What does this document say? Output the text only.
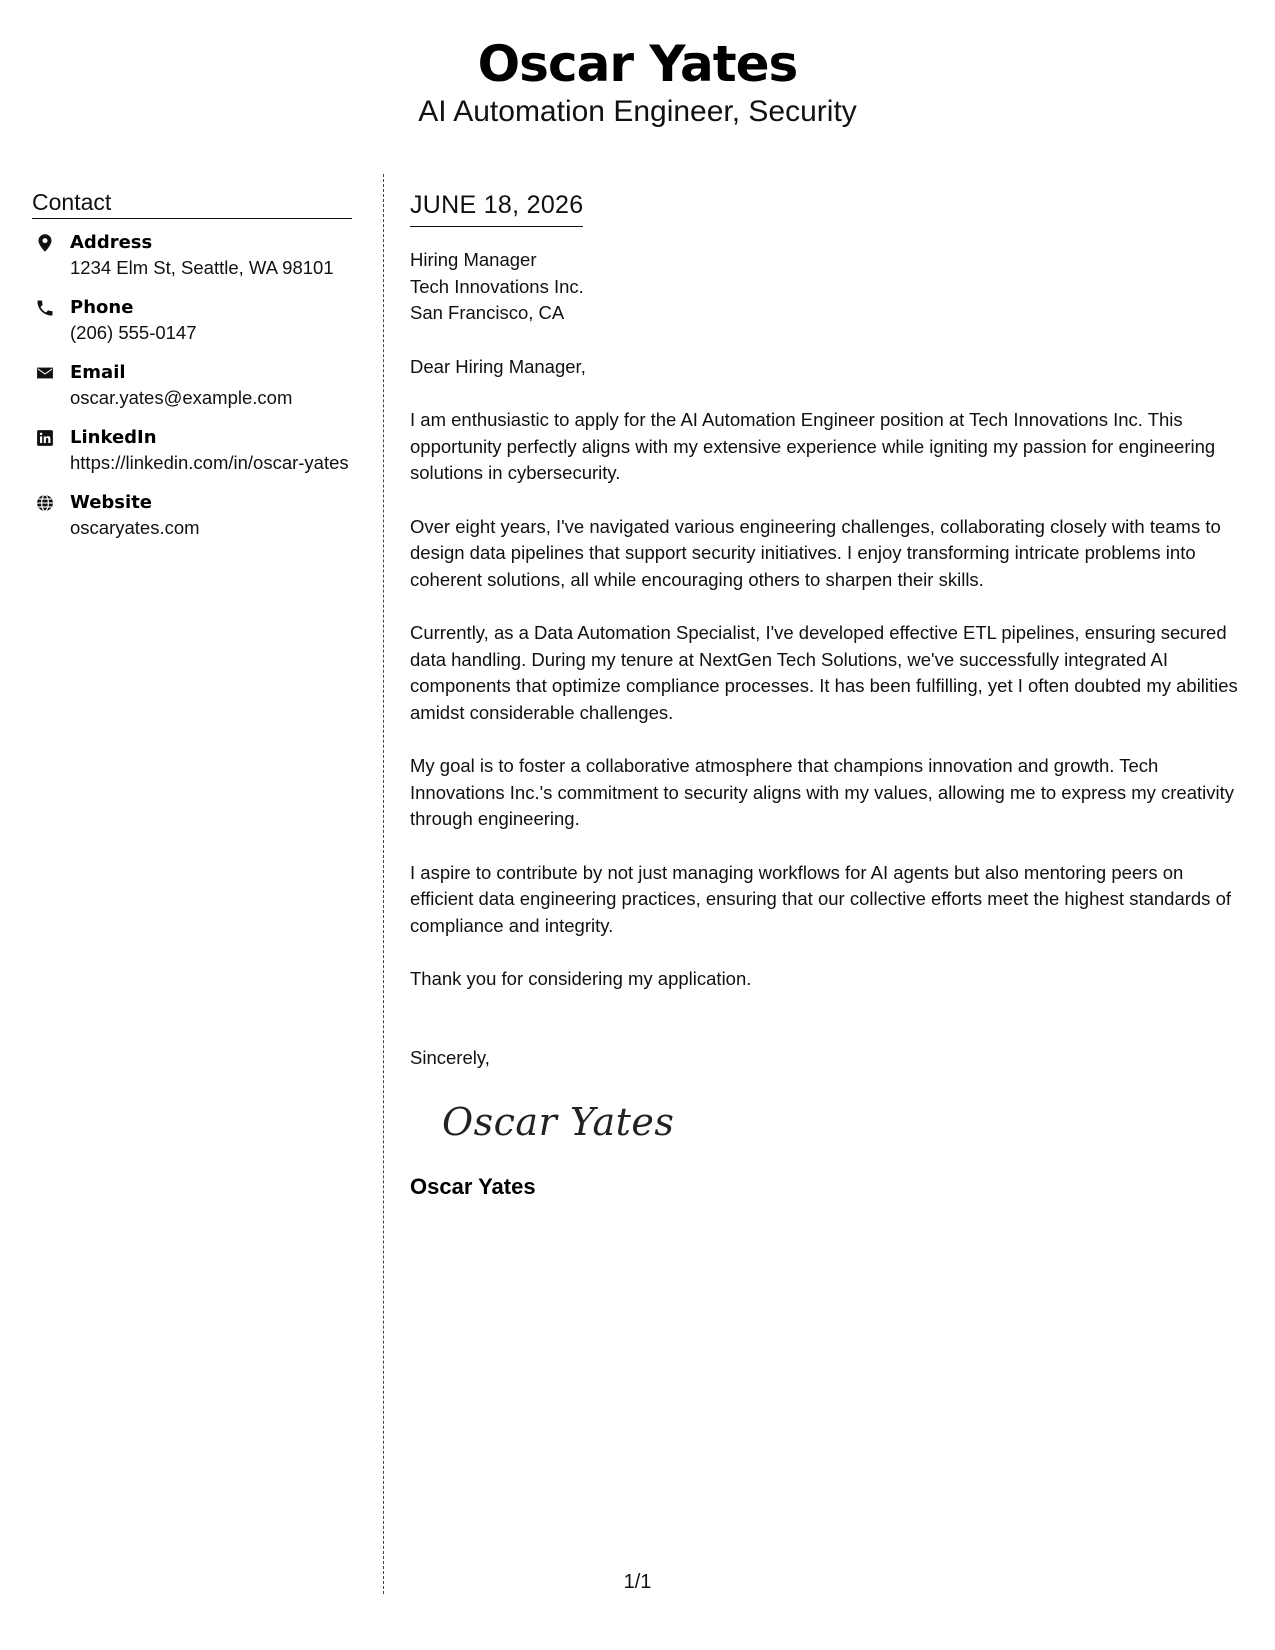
Oscar Yates
AI Automation Engineer, Security
Contact
Address
1234 Elm St, Seattle, WA 98101
Phone
(206) 555-0147
Email
oscar.yates@example.com
LinkedIn
https://linkedin.com/in/oscar-yates
Website
oscaryates.com
JUNE 18, 2026
Hiring Manager
Tech Innovations Inc.
San Francisco, CA
Dear Hiring Manager,
I am enthusiastic to apply for the AI Automation Engineer position at Tech Innovations Inc. This opportunity perfectly aligns with my extensive experience while igniting my passion for engineering solutions in cybersecurity.
Over eight years, I've navigated various engineering challenges, collaborating closely with teams to design data pipelines that support security initiatives. I enjoy transforming intricate problems into coherent solutions, all while encouraging others to sharpen their skills.
Currently, as a Data Automation Specialist, I've developed effective ETL pipelines, ensuring secured data handling. During my tenure at NextGen Tech Solutions, we've successfully integrated AI components that optimize compliance processes. It has been fulfilling, yet I often doubted my abilities amidst considerable challenges.
My goal is to foster a collaborative atmosphere that champions innovation and growth. Tech Innovations Inc.'s commitment to security aligns with my values, allowing me to express my creativity through engineering.
I aspire to contribute by not just managing workflows for AI agents but also mentoring peers on efficient data engineering practices, ensuring that our collective efforts meet the highest standards of compliance and integrity.
Thank you for considering my application.
Sincerely,
Oscar Yates
Oscar Yates
1/1
